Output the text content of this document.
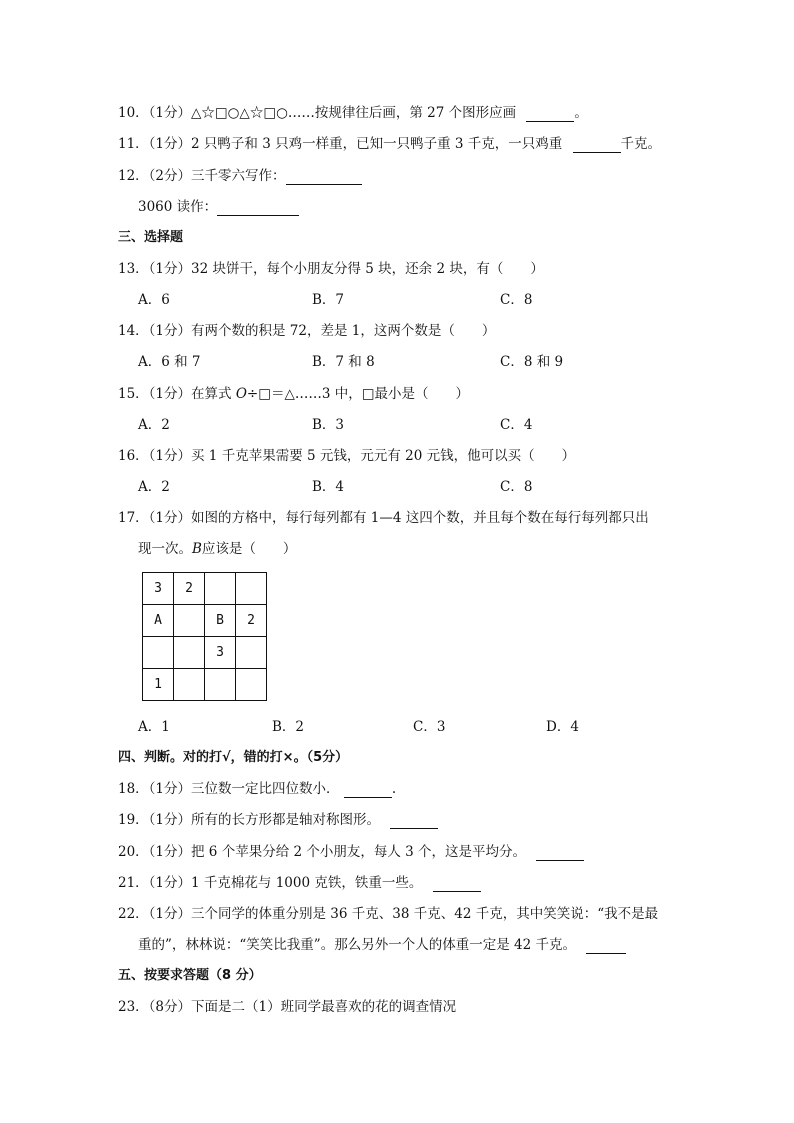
10．（1分）△☆□○△☆□○……按规律往后画，第 27 个图形应画	。
11．（1分）2 只鸭子和 3 只鸡一样重，已知一只鸭子重 3 千克，一只鸡重	千克。
12．（2分）三千零六写作：
3060 读作：
三、选择题
13．（1分）32 块饼干，每个小朋友分得 5 块，还余 2 块，有（　　）
A．6	B．7	C．8
14．（1分）有两个数的积是 72，差是 1，这两个数是（　　）
A．6 和 7	B．7 和 8	C．8 和 9
15．（1分）在算式 O÷□＝△……3 中，□最小是（　　）
A．2	B．3	C．4
16．（1分）买 1 千克苹果需要 5 元钱，元元有 20 元钱，他可以买（　　）
A．2	B．4	C．8
17．（1分）如图的方格中，每行每列都有 1—4 这四个数，并且每个数在每行每列都只出
现一次。B应该是（　　）
3	2		
A		B	2
		3	
1			
A．1	B．2	C．3	D．4
四、判断。对的打√，错的打×。（5分）
18．（1分）三位数一定比四位数小．	.
19．（1分）所有的长方形都是轴对称图形。
20．（1分）把 6 个苹果分给 2 个小朋友，每人 3 个，这是平均分。
21．（1分）1 千克棉花与 1000 克铁，铁重一些。
22．（1分）三个同学的体重分别是 36 千克、38 千克、42 千克，其中笑笑说：“我不是最
重的”，林林说：“笑笑比我重”。那么另外一个人的体重一定是 42 千克。
五、按要求答题（8 分）
23．（8分）下面是二（1）班同学最喜欢的花的调查情况
